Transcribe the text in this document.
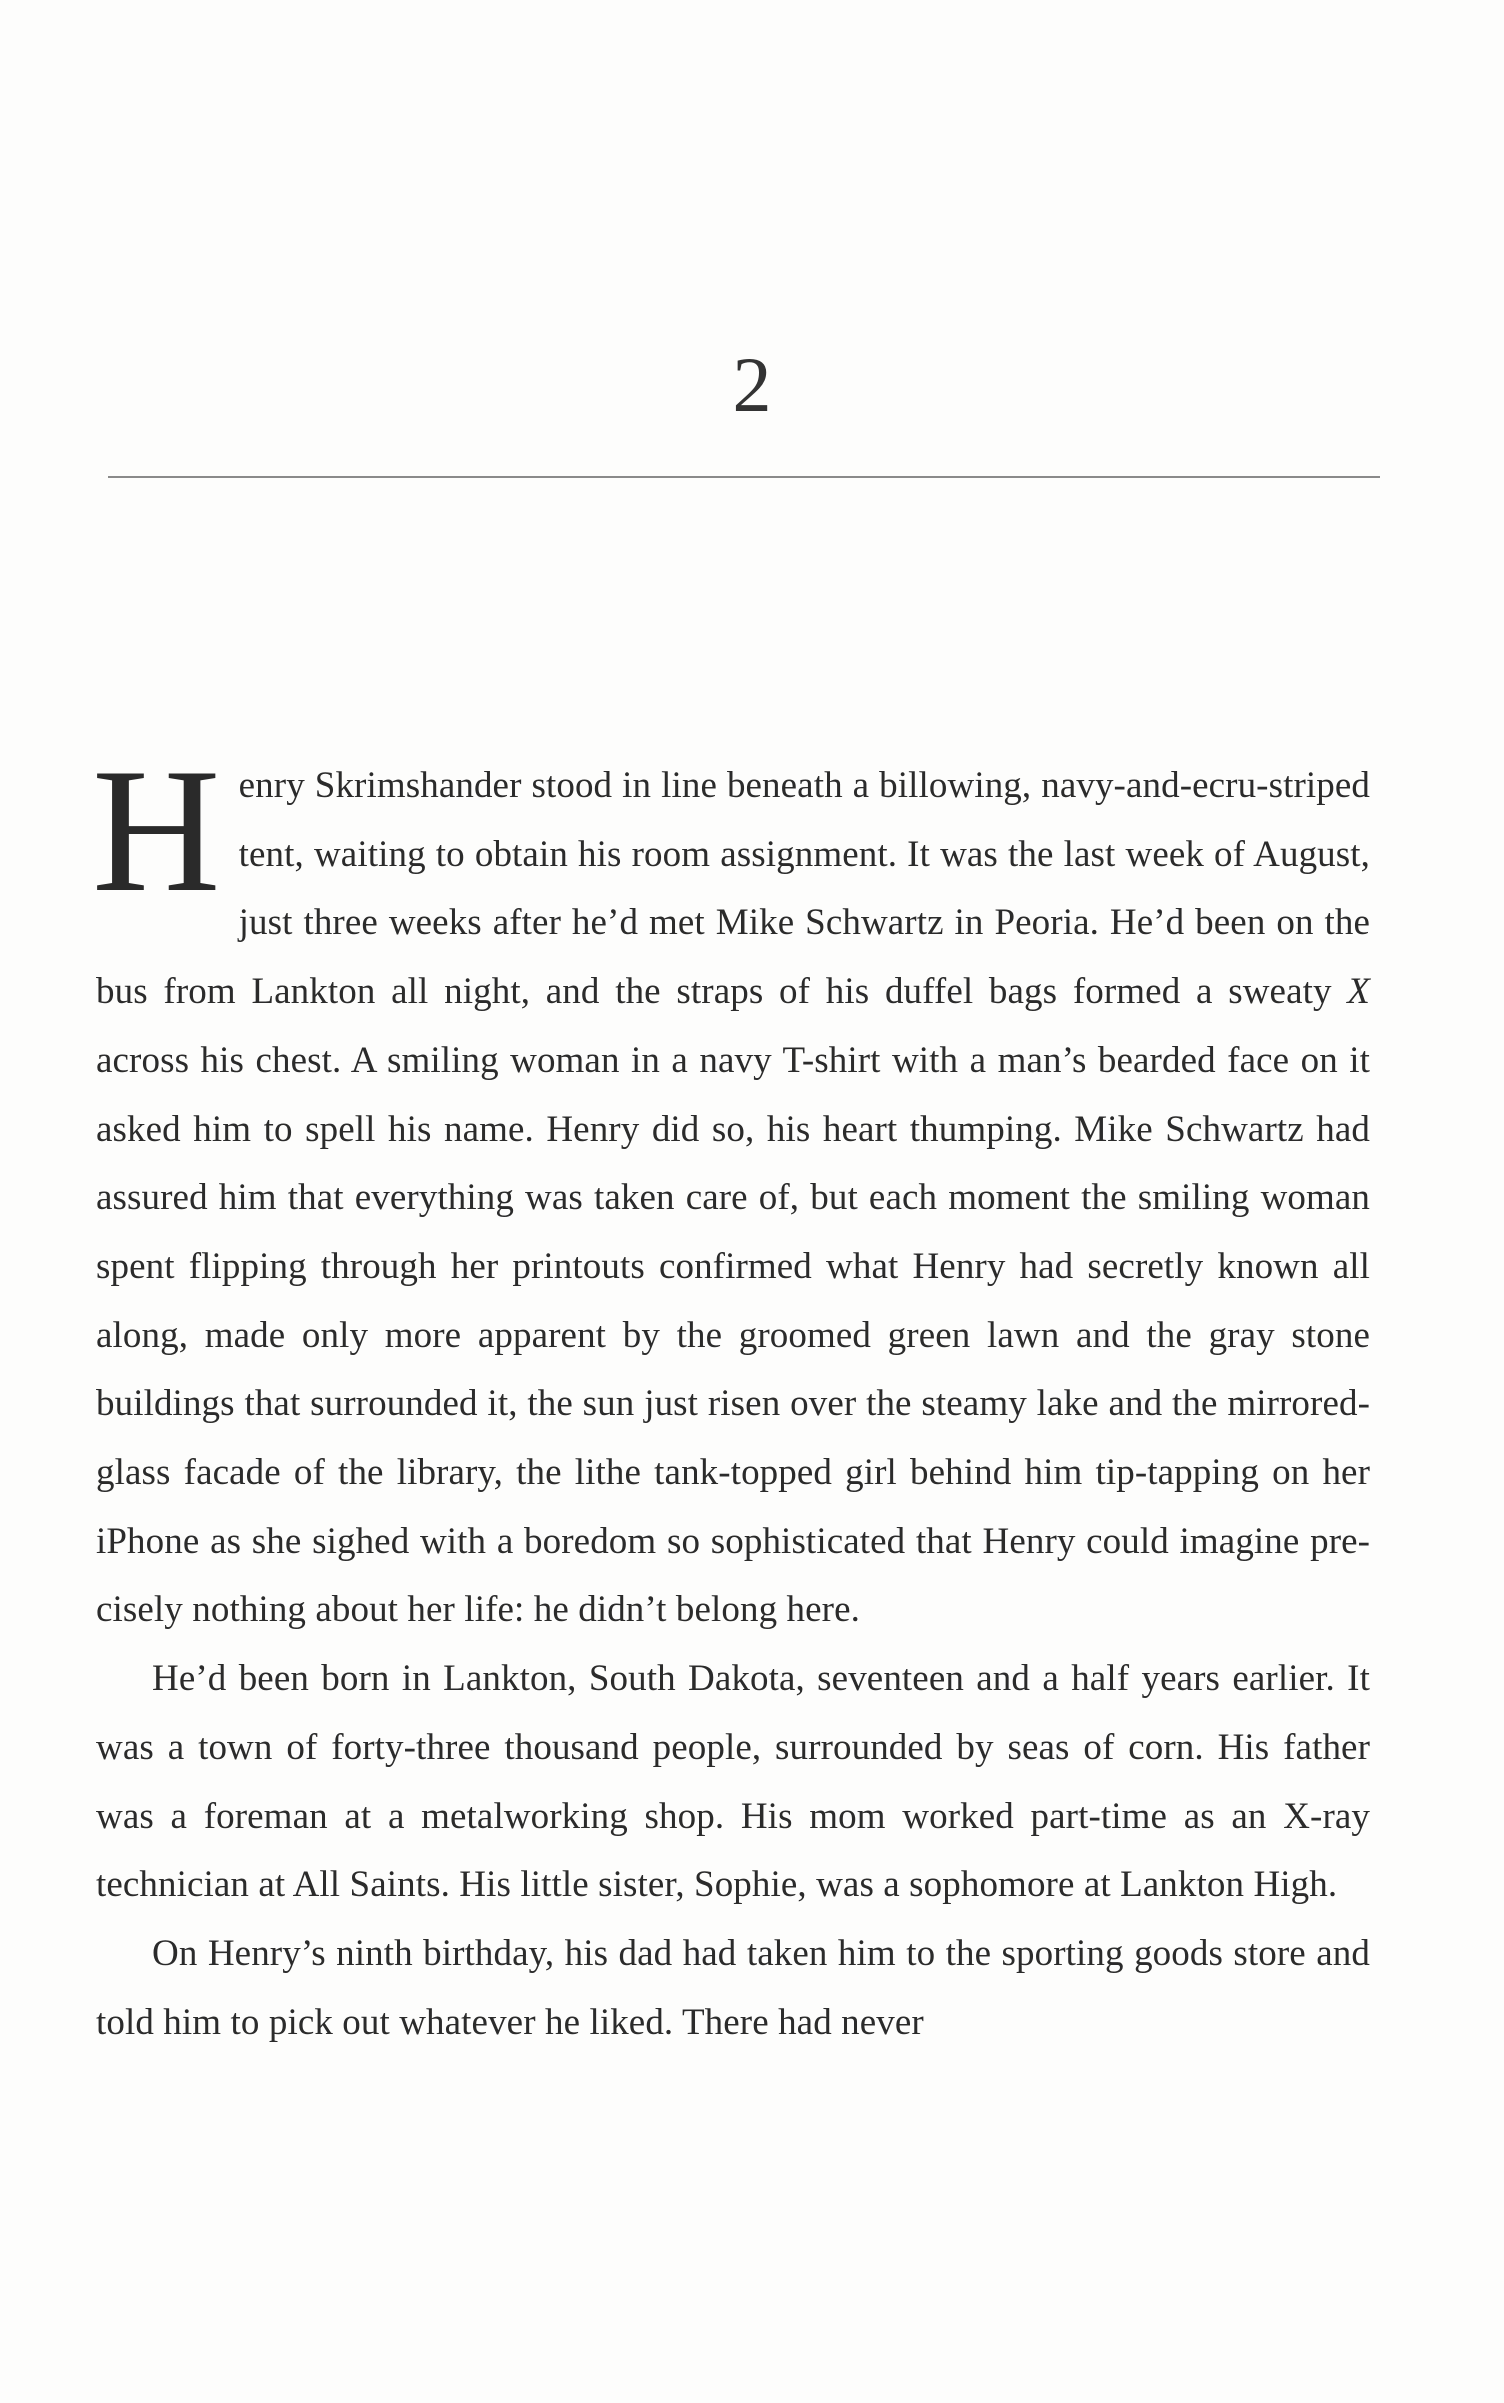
2

Henry Skrimshander stood in line beneath a billowing, navy-and-ecru-striped tent, waiting to obtain his room assignment. It was the last week of August, just three weeks after he’d met Mike Schwartz in Peoria. He’d been on the bus from Lankton all night, and the straps of his duffel bags formed a sweaty X across his chest. A smiling woman in a navy T-shirt with a man’s bearded face on it asked him to spell his name. Henry did so, his heart thumping. Mike Schwartz had assured him that everything was taken care of, but each moment the smiling woman spent flipping through her printouts confirmed what Henry had secretly known all along, made only more apparent by the groomed green lawn and the gray stone buildings that surrounded it, the sun just risen over the steamy lake and the mirrored-glass facade of the library, the lithe tank-topped girl behind him tip-tapping on her iPhone as she sighed with a boredom so sophisticated that Henry could imagine precisely nothing about her life: he didn’t belong here.

He’d been born in Lankton, South Dakota, seventeen and a half years earlier. It was a town of forty-three thousand people, surrounded by seas of corn. His father was a foreman at a metalworking shop. His mom worked part-time as an X-ray technician at All Saints. His little sister, Sophie, was a sophomore at Lankton High.

On Henry’s ninth birthday, his dad had taken him to the sporting goods store and told him to pick out whatever he liked. There had never
